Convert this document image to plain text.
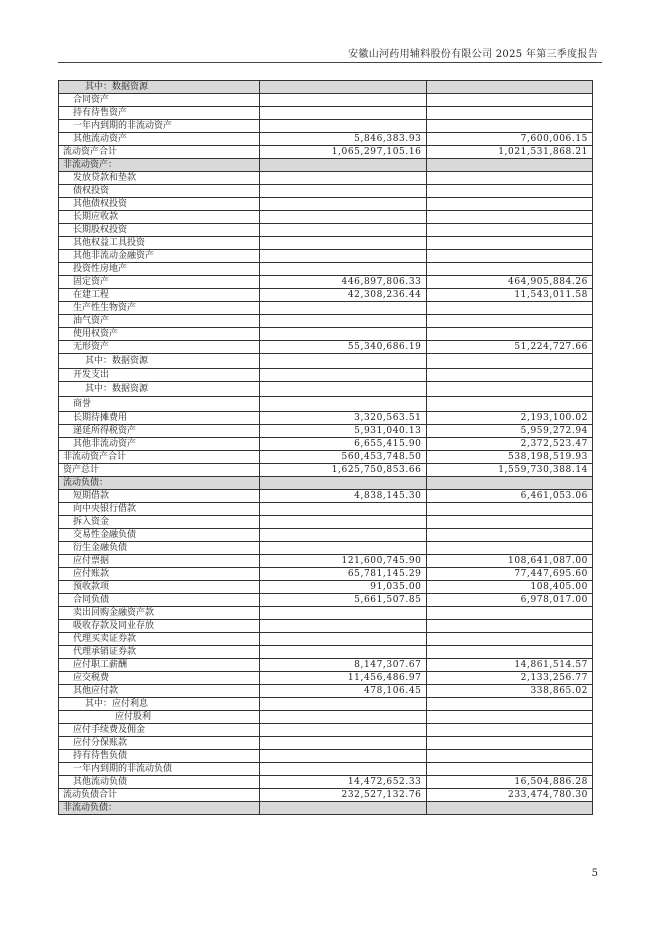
安徽山河药用辅料股份有限公司 2025 年第三季度报告
其中：数据资源		
合同资产		
持有待售资产		
一年内到期的非流动资产		
其他流动资产	5,846,383.93	7,600,006.15
流动资产合计	1,065,297,105.16	1,021,531,868.21
非流动资产：		
发放贷款和垫款		
债权投资		
其他债权投资		
长期应收款		
长期股权投资		
其他权益工具投资		
其他非流动金融资产		
投资性房地产		
固定资产	446,897,806.33	464,905,884.26
在建工程	42,308,236.44	11,543,011.58
生产性生物资产		
油气资产		
使用权资产		
无形资产	55,340,686.19	51,224,727.66
其中：数据资源		
开发支出		
其中：数据资源		
商誉		
长期待摊费用	3,320,563.51	2,193,100.02
递延所得税资产	5,931,040.13	5,959,272.94
其他非流动资产	6,655,415.90	2,372,523.47
非流动资产合计	560,453,748.50	538,198,519.93
资产总计	1,625,750,853.66	1,559,730,388.14
流动负债：		
短期借款	4,838,145.30	6,461,053.06
向中央银行借款		
拆入资金		
交易性金融负债		
衍生金融负债		
应付票据	121,600,745.90	108,641,087.00
应付账款	65,781,145.29	77,447,695.60
预收款项	91,035.00	108,405.00
合同负债	5,661,507.85	6,978,017.00
卖出回购金融资产款		
吸收存款及同业存放		
代理买卖证券款		
代理承销证券款		
应付职工薪酬	8,147,307.67	14,861,514.57
应交税费	11,456,486.97	2,133,256.77
其他应付款	478,106.45	338,865.02
其中：应付利息		
应付股利		
应付手续费及佣金		
应付分保账款		
持有待售负债		
一年内到期的非流动负债		
其他流动负债	14,472,652.33	16,504,886.28
流动负债合计	232,527,132.76	233,474,780.30
非流动负债：		
5
